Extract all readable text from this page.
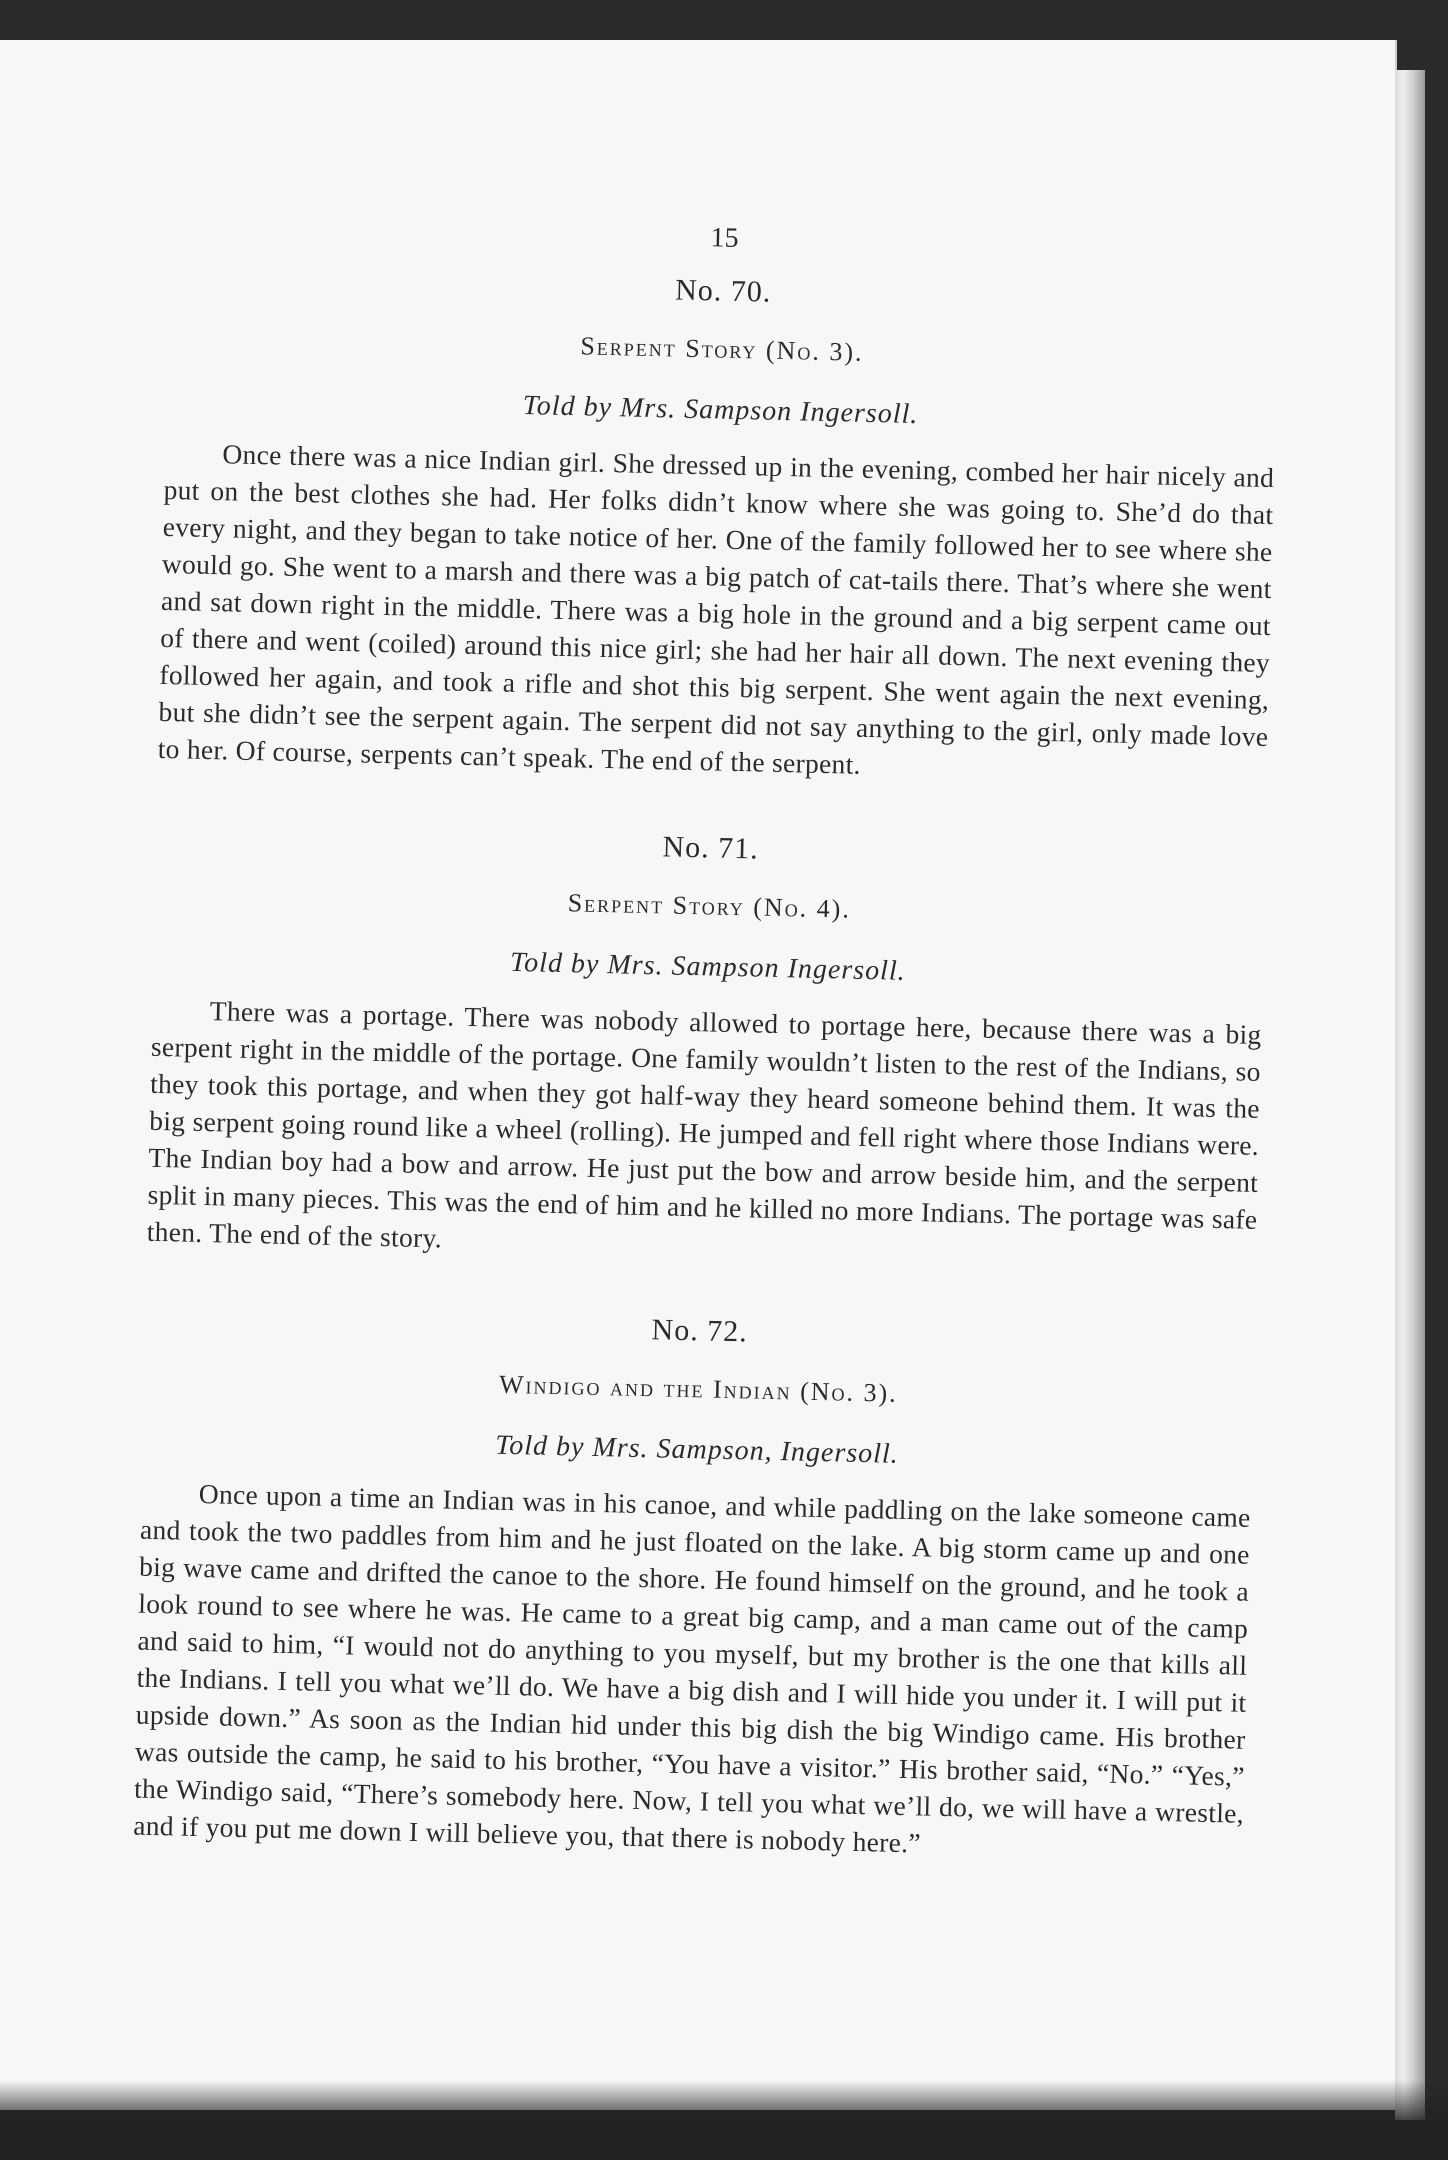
15
No. 70.
Serpent Story (No. 3).
Told by Mrs. Sampson Ingersoll.

Once there was a nice Indian girl. She dressed up in the evening, combed her hair nicely and put on the best clothes she had. Her folks didn’t know where she was going to. She’d do that every night, and they began to take notice of her. One of the family followed her to see where she would go. She went to a marsh and there was a big patch of cat-tails there. That’s where she went and sat down right in the middle. There was a big hole in the ground and a big serpent came out of there and went (coiled) around this nice girl; she had her hair all down. The next evening they followed her again, and took a rifle and shot this big serpent. She went again the next evening, but she didn’t see the serpent again. The serpent did not say anything to the girl, only made love to her. Of course, serpents can’t speak. The end of the serpent.

No. 71.
Serpent Story (No. 4).
Told by Mrs. Sampson Ingersoll.

There was a portage. There was nobody allowed to portage here, because there was a big serpent right in the middle of the portage. One family wouldn’t listen to the rest of the Indians, so they took this portage, and when they got half-way they heard someone behind them. It was the big serpent going round like a wheel (rolling). He jumped and fell right where those Indians were. The Indian boy had a bow and arrow. He just put the bow and arrow beside him, and the serpent split in many pieces. This was the end of him and he killed no more Indians. The portage was safe then. The end of the story.

No. 72.
Windigo and the Indian (No. 3).
Told by Mrs. Sampson, Ingersoll.

Once upon a time an Indian was in his canoe, and while paddling on the lake someone came and took the two paddles from him and he just floated on the lake. A big storm came up and one big wave came and drifted the canoe to the shore. He found himself on the ground, and he took a look round to see where he was. He came to a great big camp, and a man came out of the camp and said to him, “I would not do anything to you myself, but my brother is the one that kills all the Indians. I tell you what we’ll do. We have a big dish and I will hide you under it. I will put it upside down.” As soon as the Indian hid under this big dish the big Windigo came. His brother was outside the camp, he said to his brother, “You have a visitor.” His brother said, “No.” “Yes,” the Windigo said, “There’s somebody here. Now, I tell you what we’ll do, we will have a wrestle, and if you put me down I will believe you, that there is nobody here.”
